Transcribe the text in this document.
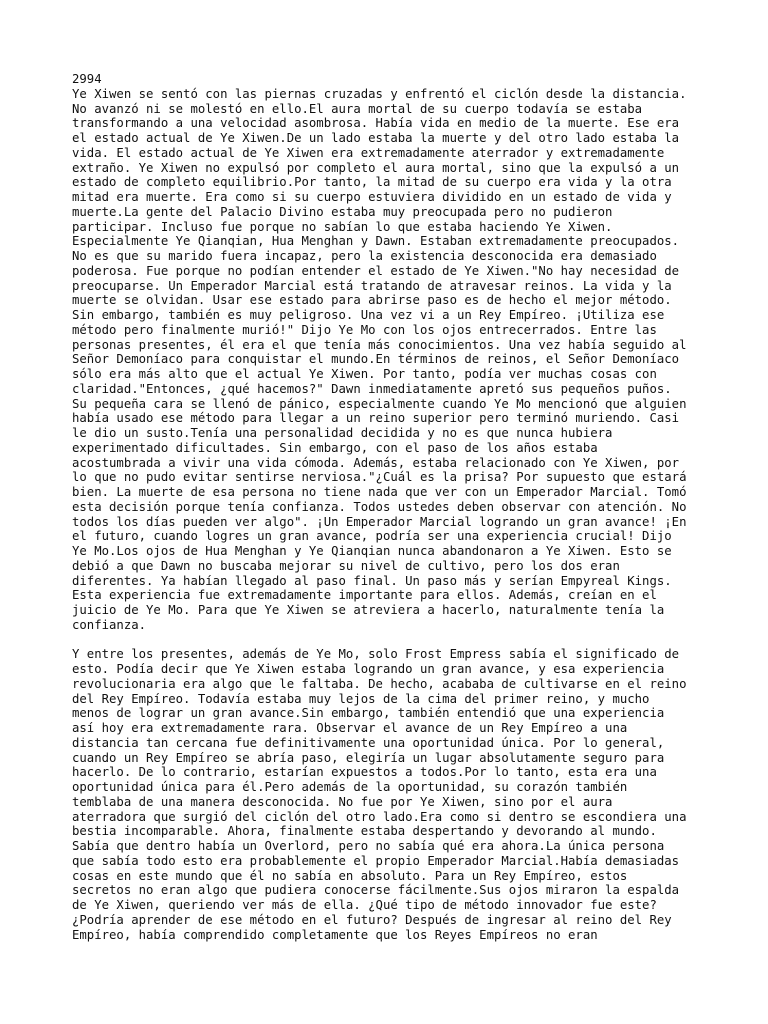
2994
Ye Xiwen se sentó con las piernas cruzadas y enfrentó el ciclón desde la distancia.
No avanzó ni se molestó en ello.El aura mortal de su cuerpo todavía se estaba
transformando a una velocidad asombrosa. Había vida en medio de la muerte. Ese era
el estado actual de Ye Xiwen.De un lado estaba la muerte y del otro lado estaba la
vida. El estado actual de Ye Xiwen era extremadamente aterrador y extremadamente
extraño. Ye Xiwen no expulsó por completo el aura mortal, sino que la expulsó a un
estado de completo equilibrio.Por tanto, la mitad de su cuerpo era vida y la otra
mitad era muerte. Era como si su cuerpo estuviera dividido en un estado de vida y
muerte.La gente del Palacio Divino estaba muy preocupada pero no pudieron
participar. Incluso fue porque no sabían lo que estaba haciendo Ye Xiwen.
Especialmente Ye Qianqian, Hua Menghan y Dawn. Estaban extremadamente preocupados.
No es que su marido fuera incapaz, pero la existencia desconocida era demasiado
poderosa. Fue porque no podían entender el estado de Ye Xiwen."No hay necesidad de
preocuparse. Un Emperador Marcial está tratando de atravesar reinos. La vida y la
muerte se olvidan. Usar ese estado para abrirse paso es de hecho el mejor método.
Sin embargo, también es muy peligroso. Una vez vi a un Rey Empíreo. ¡Utiliza ese
método pero finalmente murió!" Dijo Ye Mo con los ojos entrecerrados. Entre las
personas presentes, él era el que tenía más conocimientos. Una vez había seguido al
Señor Demoníaco para conquistar el mundo.En términos de reinos, el Señor Demoníaco
sólo era más alto que el actual Ye Xiwen. Por tanto, podía ver muchas cosas con
claridad."Entonces, ¿qué hacemos?" Dawn inmediatamente apretó sus pequeños puños.
Su pequeña cara se llenó de pánico, especialmente cuando Ye Mo mencionó que alguien
había usado ese método para llegar a un reino superior pero terminó muriendo. Casi
le dio un susto.Tenía una personalidad decidida y no es que nunca hubiera
experimentado dificultades. Sin embargo, con el paso de los años estaba
acostumbrada a vivir una vida cómoda. Además, estaba relacionado con Ye Xiwen, por
lo que no pudo evitar sentirse nerviosa."¿Cuál es la prisa? Por supuesto que estará
bien. La muerte de esa persona no tiene nada que ver con un Emperador Marcial. Tomó
esta decisión porque tenía confianza. Todos ustedes deben observar con atención. No
todos los días pueden ver algo". ¡Un Emperador Marcial logrando un gran avance! ¡En
el futuro, cuando logres un gran avance, podría ser una experiencia crucial! Dijo
Ye Mo.Los ojos de Hua Menghan y Ye Qianqian nunca abandonaron a Ye Xiwen. Esto se
debió a que Dawn no buscaba mejorar su nivel de cultivo, pero los dos eran
diferentes. Ya habían llegado al paso final. Un paso más y serían Empyreal Kings.
Esta experiencia fue extremadamente importante para ellos. Además, creían en el
juicio de Ye Mo. Para que Ye Xiwen se atreviera a hacerlo, naturalmente tenía la
confianza.
Y entre los presentes, además de Ye Mo, solo Frost Empress sabía el significado de
esto. Podía decir que Ye Xiwen estaba logrando un gran avance, y esa experiencia
revolucionaria era algo que le faltaba. De hecho, acababa de cultivarse en el reino
del Rey Empíreo. Todavía estaba muy lejos de la cima del primer reino, y mucho
menos de lograr un gran avance.Sin embargo, también entendió que una experiencia
así hoy era extremadamente rara. Observar el avance de un Rey Empíreo a una
distancia tan cercana fue definitivamente una oportunidad única. Por lo general,
cuando un Rey Empíreo se abría paso, elegiría un lugar absolutamente seguro para
hacerlo. De lo contrario, estarían expuestos a todos.Por lo tanto, esta era una
oportunidad única para él.Pero además de la oportunidad, su corazón también
temblaba de una manera desconocida. No fue por Ye Xiwen, sino por el aura
aterradora que surgió del ciclón del otro lado.Era como si dentro se escondiera una
bestia incomparable. Ahora, finalmente estaba despertando y devorando al mundo.
Sabía que dentro había un Overlord, pero no sabía qué era ahora.La única persona
que sabía todo esto era probablemente el propio Emperador Marcial.Había demasiadas
cosas en este mundo que él no sabía en absoluto. Para un Rey Empíreo, estos
secretos no eran algo que pudiera conocerse fácilmente.Sus ojos miraron la espalda
de Ye Xiwen, queriendo ver más de ella. ¿Qué tipo de método innovador fue este?
¿Podría aprender de ese método en el futuro? Después de ingresar al reino del Rey
Empíreo, había comprendido completamente que los Reyes Empíreos no eran
